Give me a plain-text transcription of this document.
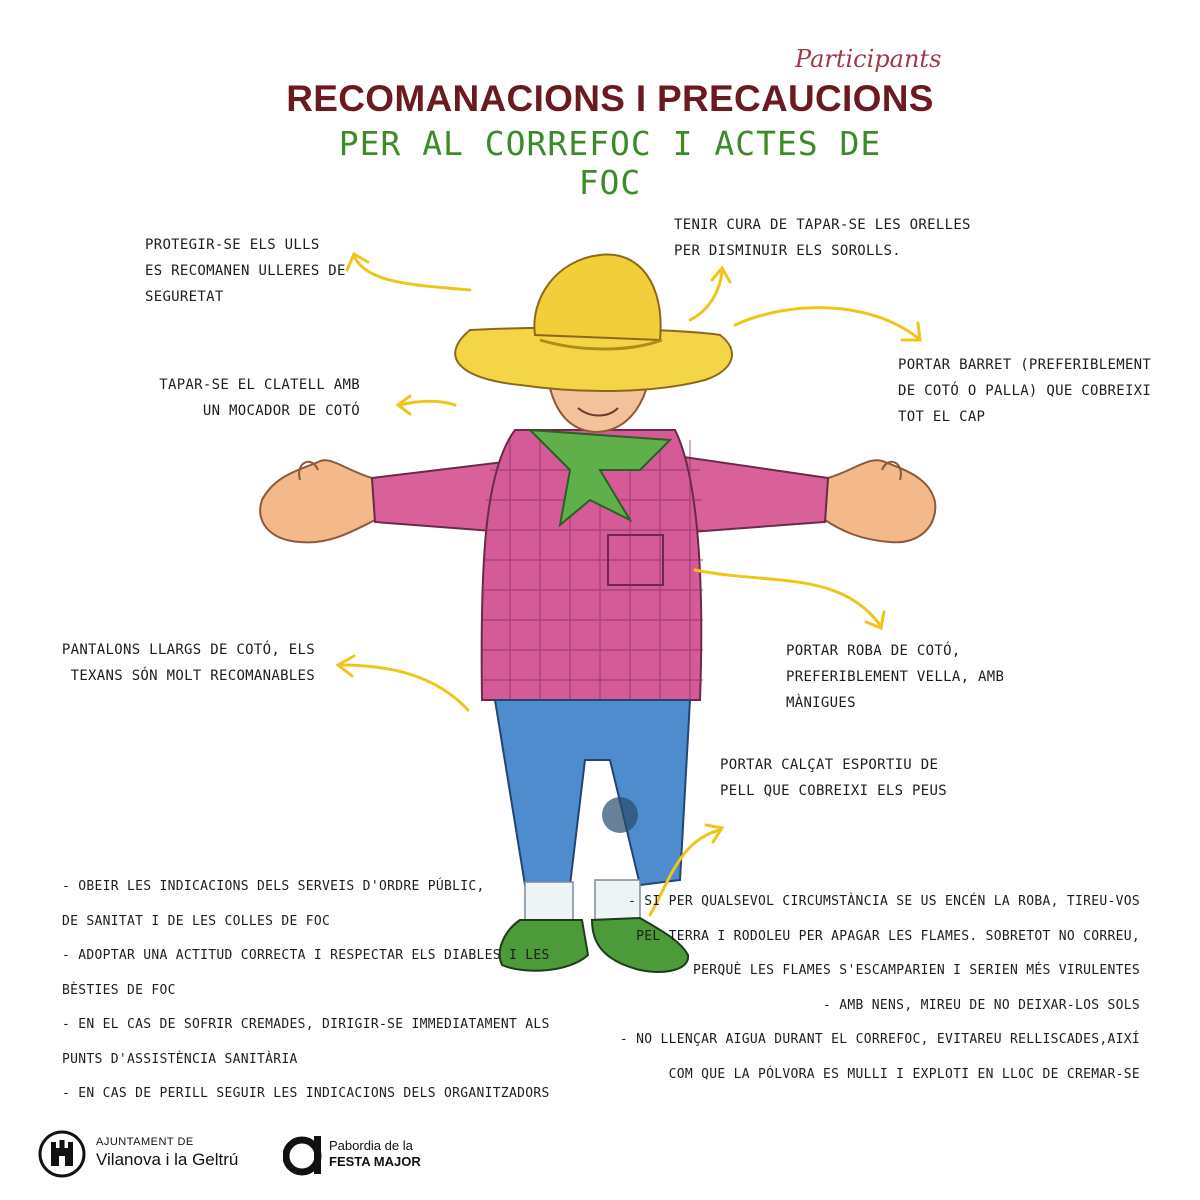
Participants
RECOMANACIONS I PRECAUCIONS
PER AL CORREFOC I ACTES DE FOC
PROTEGIR-SE ELS ULLS
ES RECOMANEN ULLERES DE
SEGURETAT
TENIR CURA DE TAPAR-SE LES ORELLES
PER DISMINUIR ELS SOROLLS.
TAPAR-SE EL CLATELL AMB
UN MOCADOR DE COTÓ
PORTAR BARRET (PREFERIBLEMENT
DE COTÓ O PALLA) QUE COBREIXI
TOT EL CAP
PANTALONS LLARGS DE COTÓ, ELS
TEXANS SÓN MOLT RECOMANABLES
PORTAR ROBA DE COTÓ,
PREFERIBLEMENT VELLA, AMB
MÀNIGUES
PORTAR CALÇAT ESPORTIU DE
PELL QUE COBREIXI ELS PEUS
- OBEIR LES INDICACIONS DELS SERVEIS D'ORDRE PÚBLIC,
DE SANITAT I DE LES COLLES DE FOC
- ADOPTAR UNA ACTITUD CORRECTA I RESPECTAR ELS DIABLES I LES
BÈSTIES DE FOC
- EN EL CAS DE SOFRIR CREMADES, DIRIGIR-SE IMMEDIATAMENT ALS
PUNTS D'ASSISTÈNCIA SANITÀRIA
- EN CAS DE PERILL SEGUIR LES INDICACIONS DELS ORGANITZADORS
- SI PER QUALSEVOL CIRCUMSTÀNCIA SE US ENCÉN LA ROBA, TIREU-VOS
PEL TERRA I RODOLEU PER APAGAR LES FLAMES. SOBRETOT NO CORREU,
PERQUÈ LES FLAMES S'ESCAMPARIEN I SERIEN MÉS VIRULENTES
- AMB NENS, MIREU DE NO DEIXAR-LOS SOLS
- NO LLENÇAR AIGUA DURANT EL CORREFOC, EVITAREU RELLISCADES,AIXÍ
COM QUE LA PÓLVORA ES MULLI I EXPLOTI EN LLOC DE CREMAR-SE
AJUNTAMENT DE
Vilanova i la Geltrú
Pabordia de la
FESTA MAJOR
